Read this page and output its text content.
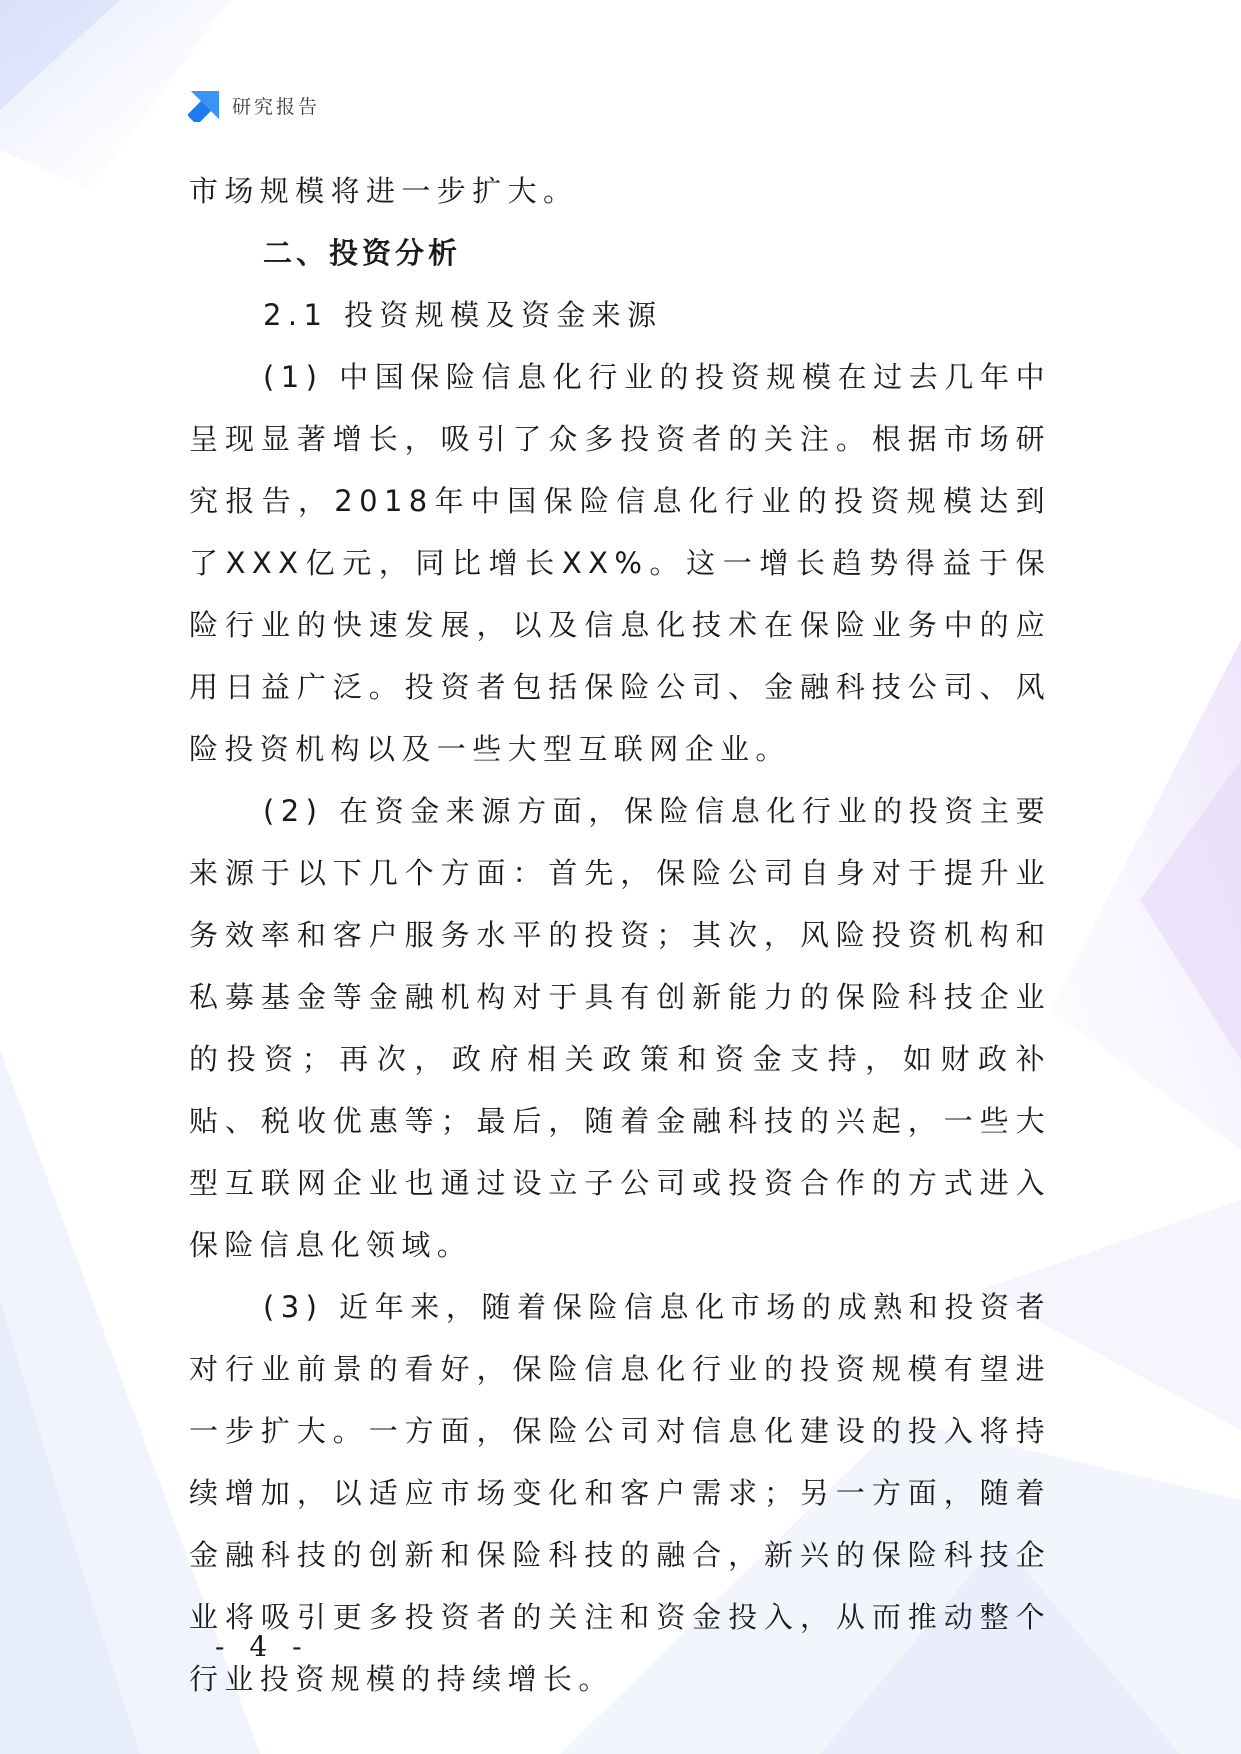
研究报告

市场规模将进一步扩大。

二、投资分析

2.1 投资规模及资金来源

(1) 中国保险信息化行业的投资规模在过去几年中呈现显著增长，吸引了众多投资者的关注。根据市场研究报告，2018年中国保险信息化行业的投资规模达到了XXX亿元，同比增长XX%。这一增长趋势得益于保险行业的快速发展，以及信息化技术在保险业务中的应用日益广泛。投资者包括保险公司、金融科技公司、风险投资机构以及一些大型互联网企业。

(2) 在资金来源方面，保险信息化行业的投资主要来源于以下几个方面：首先，保险公司自身对于提升业务效率和客户服务水平的投资；其次，风险投资机构和私募基金等金融机构对于具有创新能力的保险科技企业的投资；再次，政府相关政策和资金支持，如财政补贴、税收优惠等；最后，随着金融科技的兴起，一些大型互联网企业也通过设立子公司或投资合作的方式进入保险信息化领域。

(3) 近年来，随着保险信息化市场的成熟和投资者对行业前景的看好，保险信息化行业的投资规模有望进一步扩大。一方面，保险公司对信息化建设的投入将持续增加，以适应市场变化和客户需求；另一方面，随着金融科技的创新和保险科技的融合，新兴的保险科技企业将吸引更多投资者的关注和资金投入，从而推动整个行业投资规模的持续增长。

- 4 -
